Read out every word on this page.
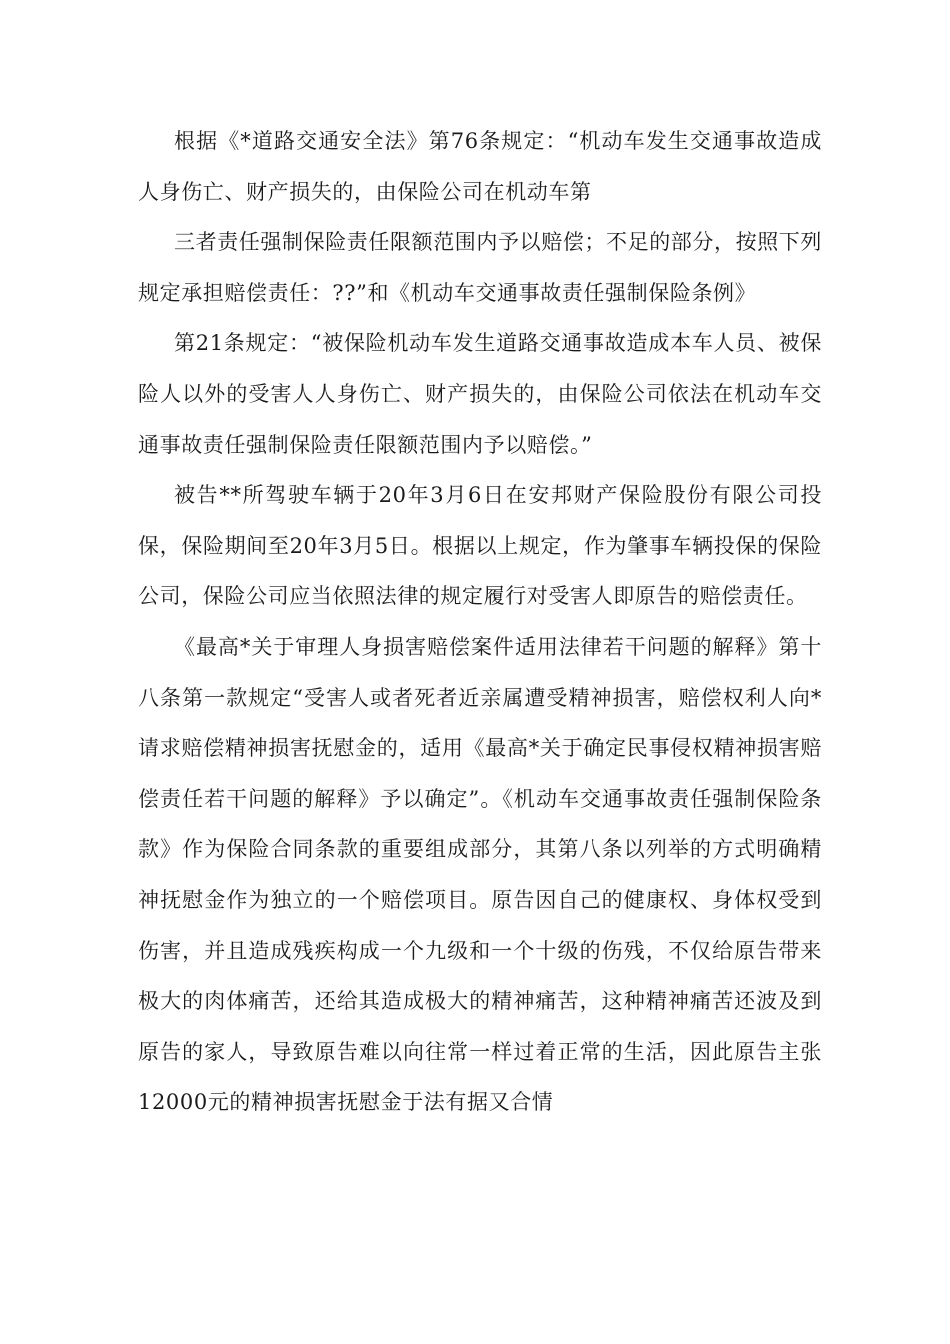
根据《*道路交通安全法》第76条规定：“机动车发生交通事故造成人身伤亡、财产损失的，由保险公司在机动车第

三者责任强制保险责任限额范围内予以赔偿；不足的部分，按照下列规定承担赔偿责任：??”和《机动车交通事故责任强制保险条例》

第21条规定：“被保险机动车发生道路交通事故造成本车人员、被保险人以外的受害人人身伤亡、财产损失的，由保险公司依法在机动车交通事故责任强制保险责任限额范围内予以赔偿。”

被告**所驾驶车辆于20年3月6日在安邦财产保险股份有限公司投保，保险期间至20年3月5日。根据以上规定，作为肇事车辆投保的保险公司，保险公司应当依照法律的规定履行对受害人即原告的赔偿责任。

《最高*关于审理人身损害赔偿案件适用法律若干问题的解释》第十八条第一款规定“受害人或者死者近亲属遭受精神损害，赔偿权利人向*请求赔偿精神损害抚慰金的，适用《最高*关于确定民事侵权精神损害赔偿责任若干问题的解释》予以确定”。《机动车交通事故责任强制保险条款》作为保险合同条款的重要组成部分，其第八条以列举的方式明确精神抚慰金作为独立的一个赔偿项目。原告因自己的健康权、身体权受到伤害，并且造成残疾构成一个九级和一个十级的伤残，不仅给原告带来极大的肉体痛苦，还给其造成极大的精神痛苦，这种精神痛苦还波及到原告的家人，导致原告难以向往常一样过着正常的生活，因此原告主张12000元的精神损害抚慰金于法有据又合情
